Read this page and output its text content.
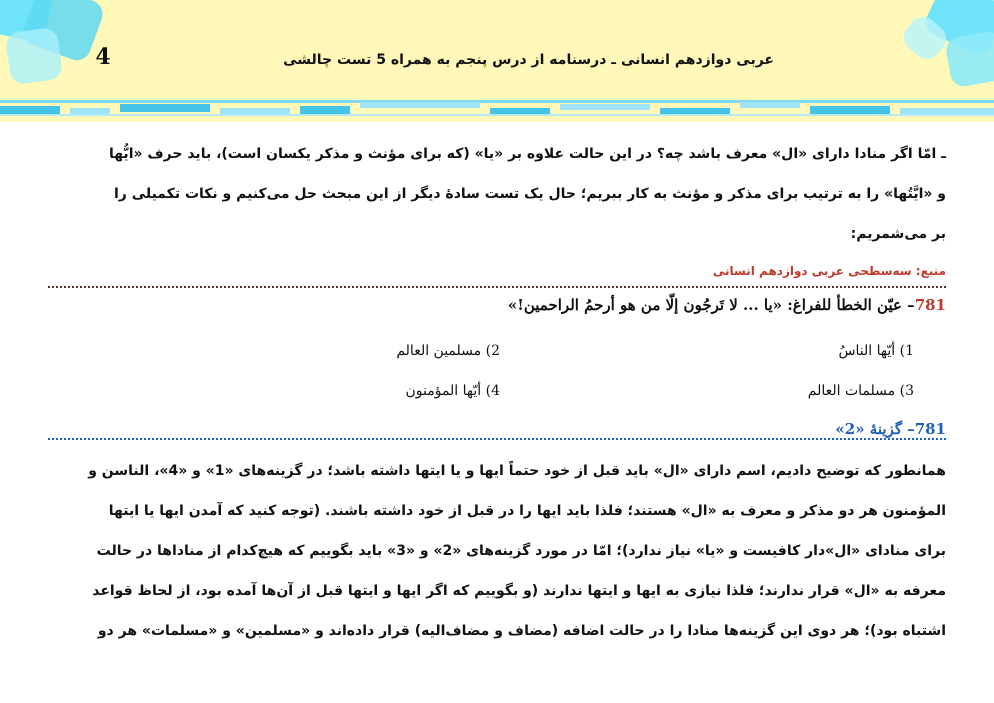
4	عربی دوازدهم انسانی ـ درسنامه از درس پنجم به همراه 5 تست چالشی
ـ امّا اگر منادا دارای «ال» معرف باشد چه؟ در این حالت علاوه بر «یا» (که برای مؤنث و مذکر یکسان است)، باید حرف «ایُّها
و «ایَّتُها» را به ترتیب برای مذکر و مؤنث به کار ببریم؛ حال یک تست سادهٔ دیگر از این مبحث حل می‌کنیم و نکات تکمیلی را
بر می‌شمریم:
منبع: سه‌سطحی عربی دوازدهم انسانی
781– عیّن الخطأ للفراغ: «یا ... لا تَرجُون إلّا من هو أرحمُ الراحمین!»
1) أیّها الناسُ
2) مسلمین العالم
3) مسلمات العالم
4) أیّها المؤمنون
781– گزینهٔ «2»
همانطور که توضیح دادیم، اسم دارای «ال» باید قبل از خود حتماً ایها و یا ایتها داشته باشد؛ در گزینه‌های «1» و «4»، الناسن و
المؤمنون هر دو مذکر و معرف به «ال» هستند؛ فلذا باید ایها را در قبل از خود داشته باشند. (توجه کنید که آمدن ایها یا ایتها
برای منادای «ال»دار کافیست و «یا» نیاز ندارد)؛ امّا در مورد گزینه‌های «2» و «3» باید بگوییم که هیچ‌کدام از مناداها در حالت
معرفه به «ال» قرار ندارند؛ فلذا نیازی به ایها و ایتها ندارند (و بگوییم که اگر ایها و ایتها قبل از آن‌ها آمده بود، از لحاظ قواعد
اشتباه بود)؛ هر دوی این گزینه‌ها منادا را در حالت اضافه (مضاف و مضاف‌الیه) قرار داده‌اند و «مسلمین» و «مسلمات» هر دو
